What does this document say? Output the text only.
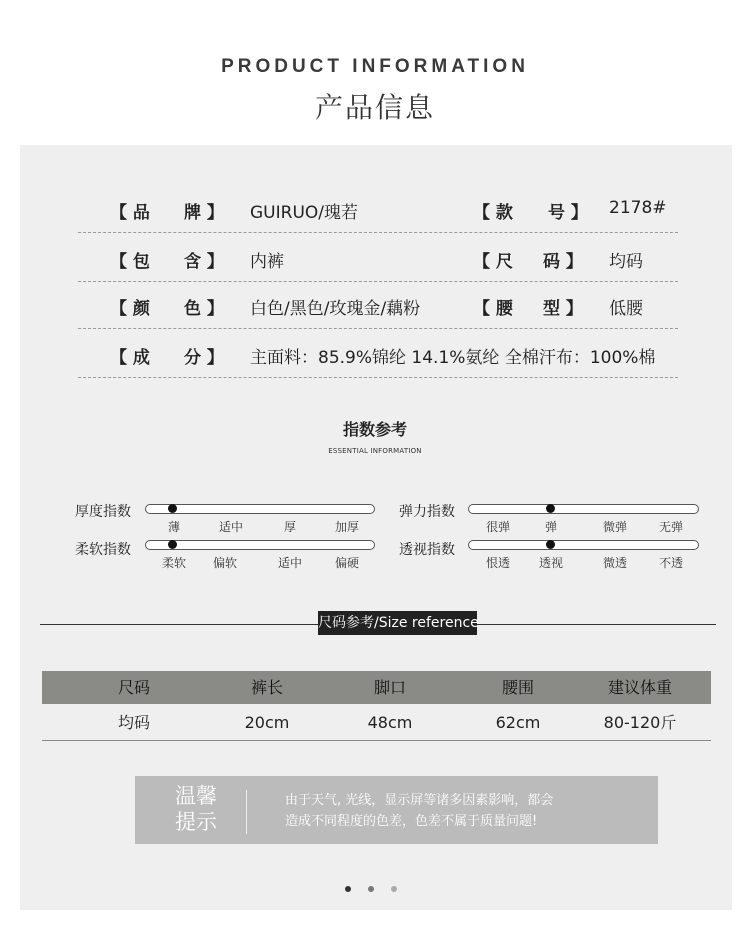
PRODUCT INFORMATION
产品信息
【 品 牌 】 GUIRUO/瑰若	【 款 号 】 2178#
【 包 含 】 内裤	【 尺 码 】 均码
【 颜 色 】 白色/黑色/玫瑰金/藕粉	【 腰 型 】 低腰
【 成 分 】 主面料：85.9%锦纶 14.1%氨纶 全棉汗布：100%棉
指数参考
ESSENTIAL INFORMATION
厚度指数
薄	适中	厚	加厚
弹力指数
很弹	弹	微弹	无弹
柔软指数
柔软 偏软	适中	偏硬
透视指数
恨透 透视	微透	不透
尺码参考/Size reference
尺码	裤长	脚口	腰围	建议体重
均码	20cm	48cm	62cm	80-120斤
温馨
提示
由于天气, 光线，显示屏等诸多因素影响，都会
造成不同程度的色差，色差不属于质量问题!
